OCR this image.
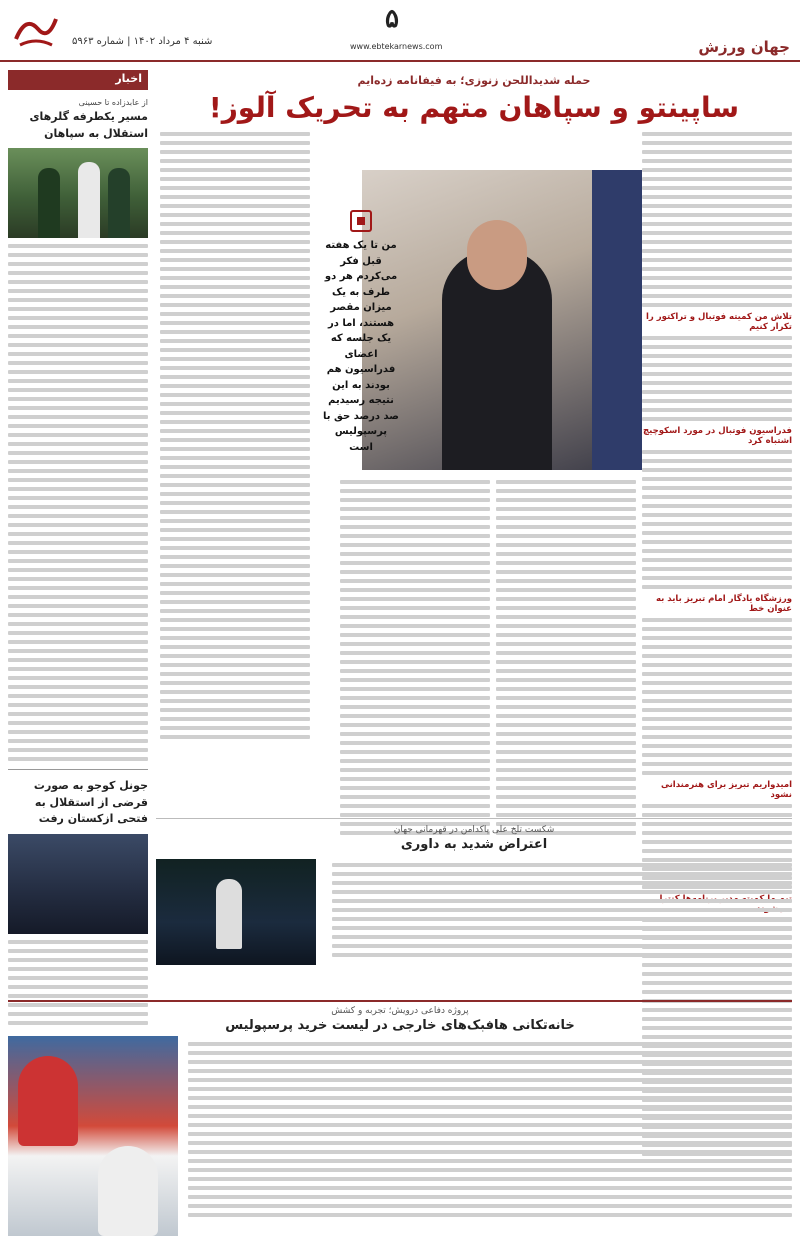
شنبه ۴ مرداد ۱۴۰۲ | شماره ۵۹۶۳
۵
www.ebtekarnews.com	جهان ورزش
اخبار
از عابدزاده تا حسینی
مسیر یکطرفه گلرهای استقلال به سپاهان
جونل کوجو به صورت قرضی از استقلال به فتحی ازکستان رفت
حمله شدیداللحن زنوزی؛ به فیفانامه زده‌ایم
ساپینتو و سپاهان متهم به تحریک آلوز!
تلاش من کمیته فوتبال و تراکتور را تکرار کنیم
فدراسیون فوتبال در مورد اسکوچیچ اشتباه کرد
ورزشگاه یادگار امام تبریز باید به عنوان خط
امیدواریم تبریز برای هنرمندانی نشود
من تا یک هفته قبل فکر می‌کردم هر دو طرف به یک میزان مقصر هستند، اما در یک جلسه که اعضای فدراسیون هم بودند به این نتیجه رسیدیم صد درصد حق با پرسپولیس است
شکست تلخ علی پاکدامن در قهرمانی جهان
اعتراض شدید به داوری
پروژه دفاعی درویش؛ تجربه و کشش
خانه‌تکانی هافبک‌های خارجی در لیست خرید پرسپولیس
